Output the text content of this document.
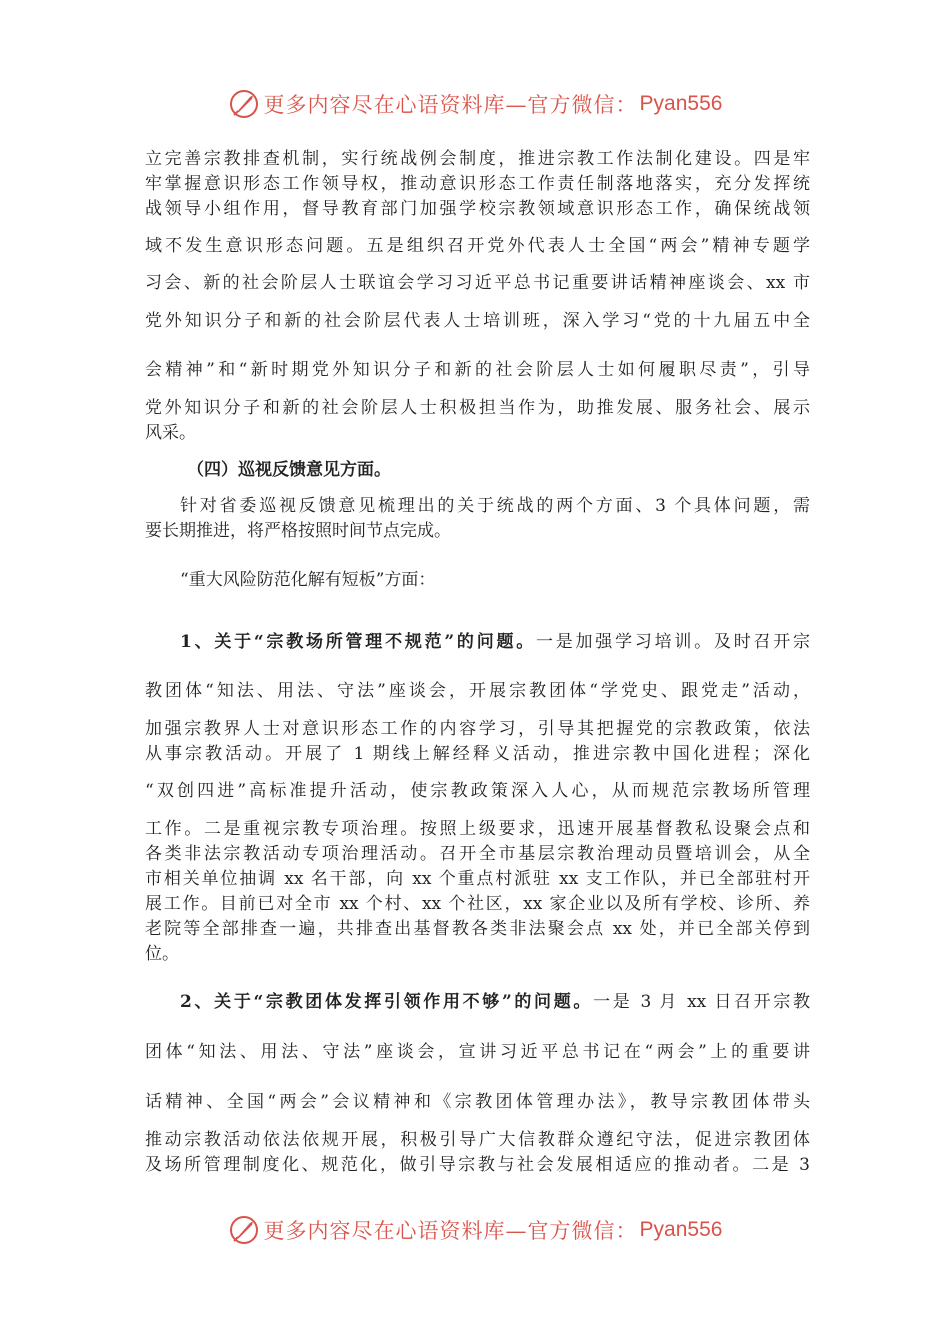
更多内容尽在心语资料库—官方微信： Pyan556
立完善宗教排查机制，实行统战例会制度，推进宗教工作法制化建设。四是牢
牢掌握意识形态工作领导权，推动意识形态工作责任制落地落实，充分发挥统
战领导小组作用，督导教育部门加强学校宗教领域意识形态工作，确保统战领
域不发生意识形态问题。五是组织召开党外代表人士全国“两会”精神专题学
习会、新的社会阶层人士联谊会学习习近平总书记重要讲话精神座谈会、xx 市
党外知识分子和新的社会阶层代表人士培训班，深入学习“党的十九届五中全
会精神”和“新时期党外知识分子和新的社会阶层人士如何履职尽责”，引导
党外知识分子和新的社会阶层人士积极担当作为，助推发展、服务社会、展示
风采。
（四）巡视反馈意见方面。
针对省委巡视反馈意见梳理出的关于统战的两个方面、3 个具体问题，需
要长期推进，将严格按照时间节点完成。
“重大风险防范化解有短板”方面：
1、关于“宗教场所管理不规范”的问题。一是加强学习培训。及时召开宗
教团体“知法、用法、守法”座谈会，开展宗教团体“学党史、跟党走”活动，
加强宗教界人士对意识形态工作的内容学习，引导其把握党的宗教政策，依法
从事宗教活动。开展了 1 期线上解经释义活动，推进宗教中国化进程；深化
“双创四进”高标准提升活动，使宗教政策深入人心，从而规范宗教场所管理
工作。二是重视宗教专项治理。按照上级要求，迅速开展基督教私设聚会点和
各类非法宗教活动专项治理活动。召开全市基层宗教治理动员暨培训会，从全
市相关单位抽调 xx 名干部，向 xx 个重点村派驻 xx 支工作队，并已全部驻村开
展工作。目前已对全市 xx 个村、xx 个社区，xx 家企业以及所有学校、诊所、养
老院等全部排查一遍，共排查出基督教各类非法聚会点 xx 处，并已全部关停到
位。
2、关于“宗教团体发挥引领作用不够”的问题。一是 3 月 xx 日召开宗教
团体“知法、用法、守法”座谈会，宣讲习近平总书记在“两会”上的重要讲
话精神、全国“两会”会议精神和《宗教团体管理办法》，教导宗教团体带头
推动宗教活动依法依规开展，积极引导广大信教群众遵纪守法，促进宗教团体
及场所管理制度化、规范化，做引导宗教与社会发展相适应的推动者。二是 3
更多内容尽在心语资料库—官方微信： Pyan556
